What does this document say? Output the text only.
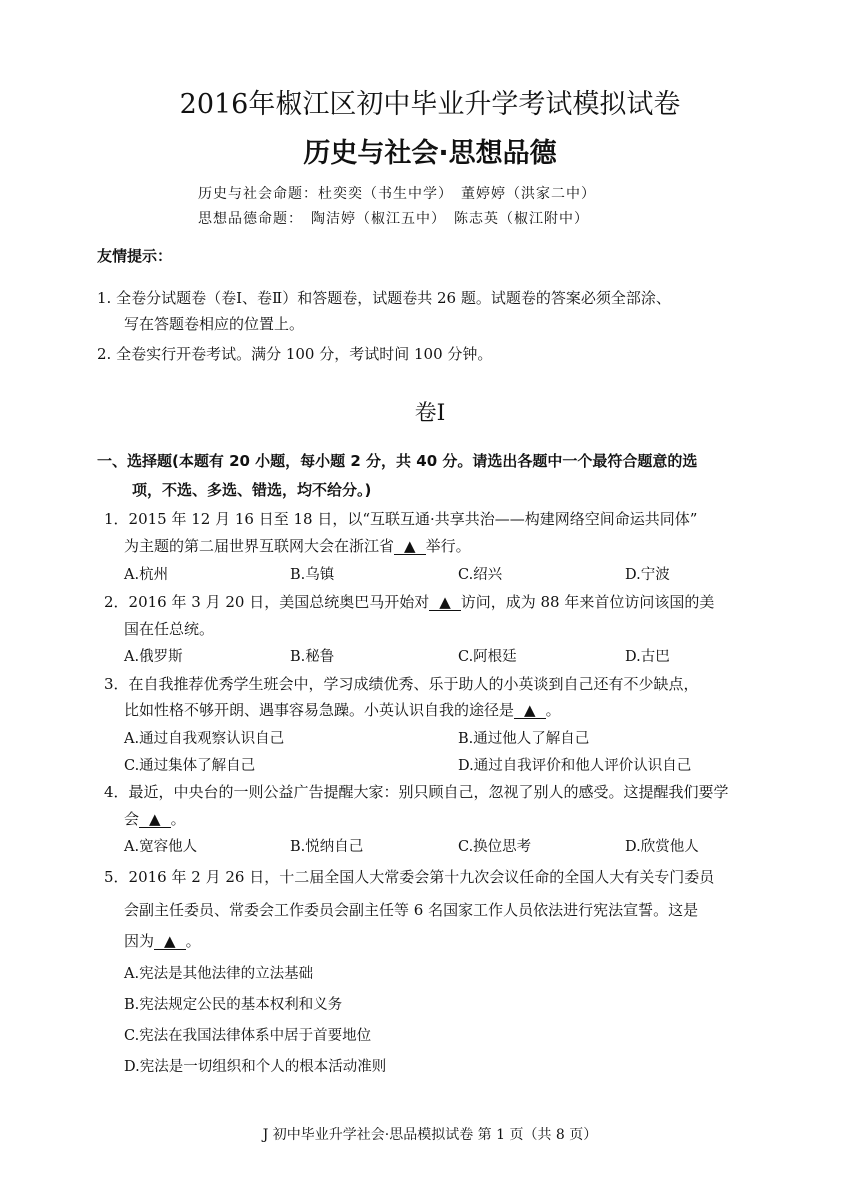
2016年椒江区初中毕业升学考试模拟试卷
历史与社会·思想品德
历史与社会命题：杜奕奕（书生中学）　董婷婷（洪家二中）
思想品德命题：　陶洁婷（椒江五中）　陈志英（椒江附中）
友情提示：
1. 全卷分试题卷（卷Ⅰ、卷Ⅱ）和答题卷，试题卷共 26 题。试题卷的答案必须全部涂、
写在答题卷相应的位置上。
2. 全卷实行开卷考试。满分 100 分，考试时间 100 分钟。
卷Ⅰ
一、选择题(本题有 20 小题，每小题 2 分，共 40 分。请选出各题中一个最符合题意的选
项，不选、多选、错选，均不给分。)
1．2015 年 12 月 16 日至 18 日，以“互联互通·共享共治——构建网络空间命运共同体”
为主题的第二届世界互联网大会在浙江省 ▲ 举行。
A.杭州	B.乌镇	C.绍兴	D.宁波
2．2016 年 3 月 20 日，美国总统奥巴马开始对 ▲ 访问，成为 88 年来首位访问该国的美
国在任总统。
A.俄罗斯	B.秘鲁	C.阿根廷	D.古巴
3．在自我推荐优秀学生班会中，学习成绩优秀、乐于助人的小英谈到自己还有不少缺点，
比如性格不够开朗、遇事容易急躁。小英认识自我的途径是 ▲ 。
A.通过自我观察认识自己	B.通过他人了解自己
C.通过集体了解自己	D.通过自我评价和他人评价认识自己
4．最近，中央台的一则公益广告提醒大家：别只顾自己，忽视了别人的感受。这提醒我们要学
会 ▲ 。
A.宽容他人	B.悦纳自己	C.换位思考	D.欣赏他人
5．2016 年 2 月 26 日，十二届全国人大常委会第十九次会议任命的全国人大有关专门委员
会副主任委员、常委会工作委员会副主任等 6 名国家工作人员依法进行宪法宣誓。这是
因为 ▲ 。
A.宪法是其他法律的立法基础
B.宪法规定公民的基本权利和义务
C.宪法在我国法律体系中居于首要地位
D.宪法是一切组织和个人的根本活动准则
J 初中毕业升学社会·思品模拟试卷 第 1 页（共 8 页）
